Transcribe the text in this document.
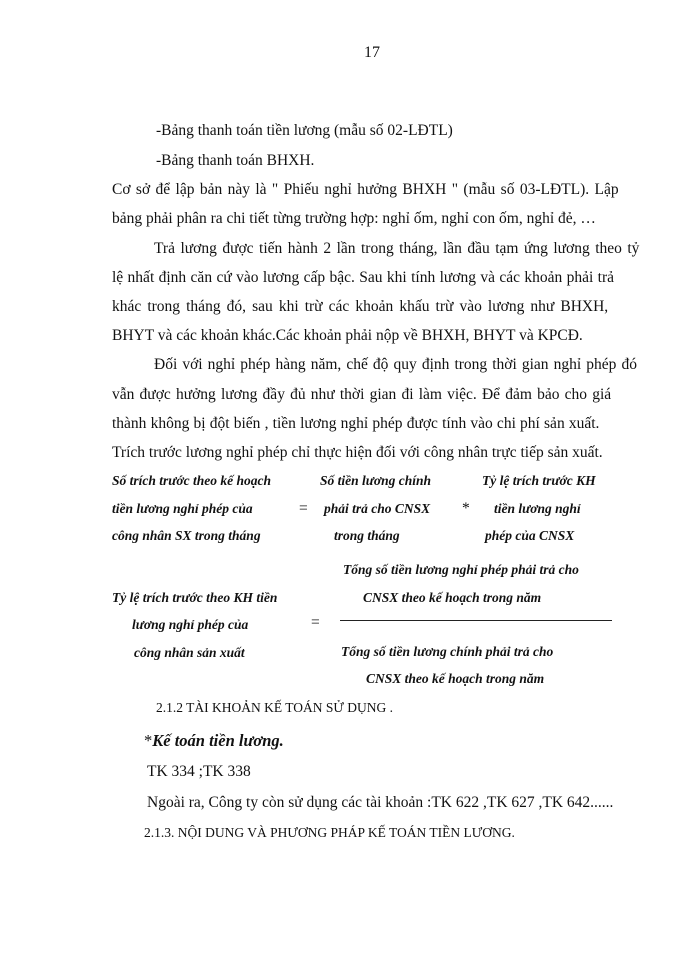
17
-Bảng thanh toán tiền lương (mẫu số 02-LĐTL)
-Bảng thanh toán BHXH.
Cơ sở để lập bản này là " Phiếu nghỉ hưởng BHXH " (mẫu số 03-LĐTL). Lập
bảng phải phân ra chi tiết từng trường hợp: nghỉ ốm, nghỉ con ốm, nghỉ đẻ, …
Trả lương được tiến hành 2 lần trong tháng, lần đầu tạm ứng lương theo tỷ
lệ nhất định căn cứ vào lương cấp bậc. Sau khi tính lương và các khoản phải trả
khác trong tháng đó, sau khi trừ các khoản khấu trừ vào lương như BHXH,
BHYT và các khoản khác.Các khoản phải nộp về BHXH, BHYT và KPCĐ.
Đối với nghỉ phép hàng năm, chế độ quy định trong thời gian nghỉ phép đó
vẫn được hưởng lương đầy đủ như thời gian đi làm việc. Để đảm bảo cho giá
thành không bị đột biến , tiền lương nghỉ phép được tính vào chi phí sản xuất.
Trích trước lương nghỉ phép chỉ thực hiện đối với công nhân trực tiếp sản xuất.
Số trích trước theo kế hoạch
tiền lương nghỉ phép của
công nhân SX trong tháng
=
Số tiền lương chính
phải trả cho CNSX
trong tháng
*
Tỷ lệ trích trước KH
tiền lương nghỉ
phép của CNSX
Tổng số tiền lương nghỉ phép phải trả cho
CNSX theo kế hoạch trong năm
Tỷ lệ trích trước theo KH tiền
lương nghỉ phép của
công nhân sản xuất
=
Tổng số tiền lương chính phải trả cho
CNSX theo kế hoạch trong năm
2.1.2 TÀI KHOẢN KẾ TOÁN SỬ DỤNG .
*Kế toán tiền lương.
TK 334 ;TK 338
Ngoài ra, Công ty còn sử dụng các tài khoản :TK 622 ,TK 627 ,TK 642......
2.1.3. NỘI DUNG VÀ PHƯƠNG PHÁP KẾ TOÁN TIỀN LƯƠNG.
